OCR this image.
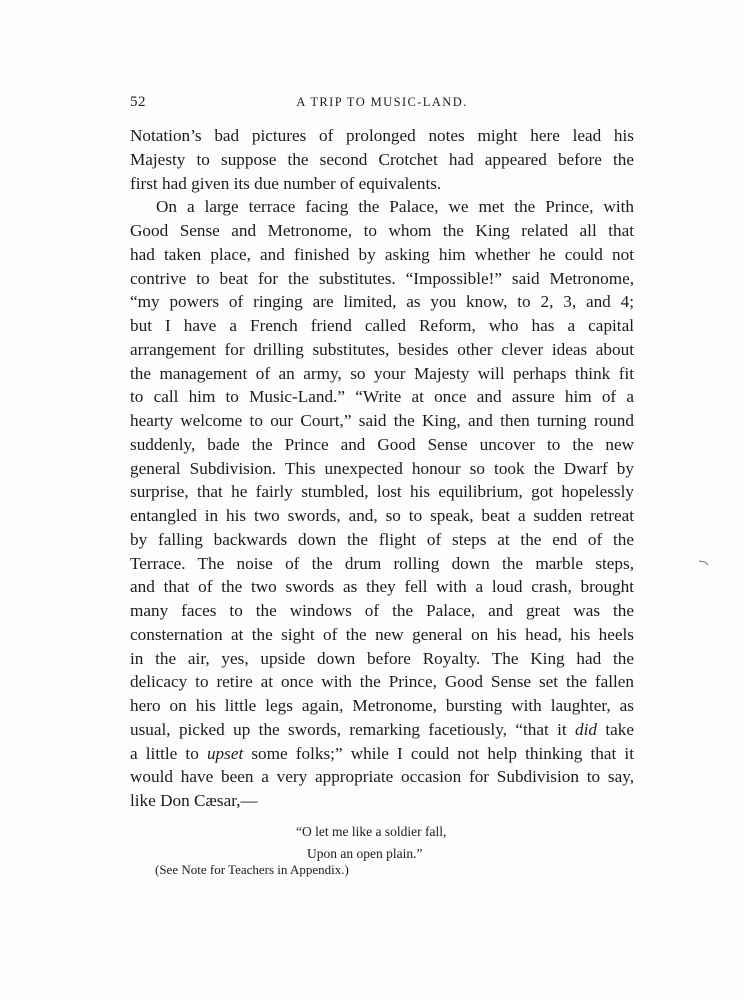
52	A TRIP TO MUSIC-LAND.
Notation’s bad pictures of prolonged notes might here lead his
Majesty to suppose the second Crotchet had appeared before the
first had given its due number of equivalents.
On a large terrace facing the Palace, we met the Prince, with
Good Sense and Metronome, to whom the King related all that
had taken place, and finished by asking him whether he could not
contrive to beat for the substitutes. “Impossible!” said Metronome,
“my powers of ringing are limited, as you know, to 2, 3, and 4;
but I have a French friend called Reform, who has a capital
arrangement for drilling substitutes, besides other clever ideas about
the management of an army, so your Majesty will perhaps think fit
to call him to Music-Land.” “Write at once and assure him of a
hearty welcome to our Court,” said the King, and then turning round
suddenly, bade the Prince and Good Sense uncover to the new
general Subdivision. This unexpected honour so took the Dwarf by
surprise, that he fairly stumbled, lost his equilibrium, got hopelessly
entangled in his two swords, and, so to speak, beat a sudden retreat
by falling backwards down the flight of steps at the end of the
Terrace. The noise of the drum rolling down the marble steps,
and that of the two swords as they fell with a loud crash, brought
many faces to the windows of the Palace, and great was the
consternation at the sight of the new general on his head, his heels
in the air, yes, upside down before Royalty. The King had the
delicacy to retire at once with the Prince, Good Sense set the fallen
hero on his little legs again, Metronome, bursting with laughter, as
usual, picked up the swords, remarking facetiously, “that it did take
a little to upset some folks;” while I could not help thinking that it
would have been a very appropriate occasion for Subdivision to say,
like Don Cæsar,—
“O let me like a soldier fall,
Upon an open plain.”
(See Note for Teachers in Appendix.)
